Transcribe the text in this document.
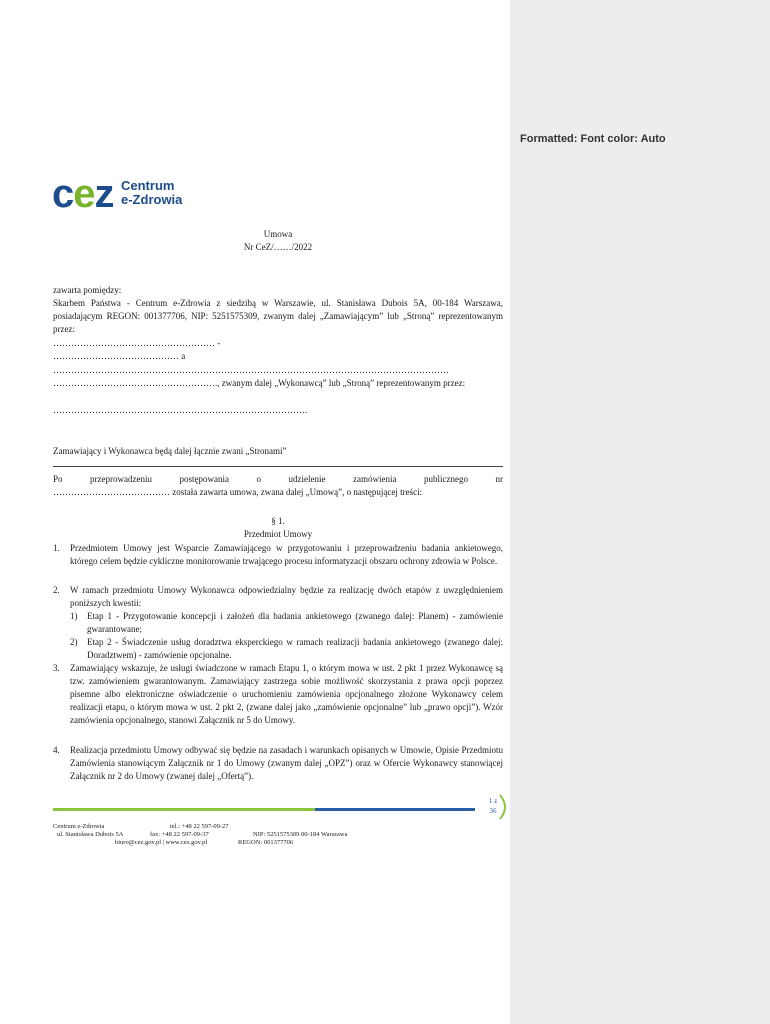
cez Centrum
e-Zdrowia
Umowa
Nr CeZ/……/2022
zawarta pomiędzy:
Skarbem Państwa - Centrum e-Zdrowia z siedzibą w Warszawie, ul. Stanisława Dubois 5A, 00-184 Warszawa, posiadającym REGON: 001377706, NIP: 5251575309, zwanym dalej „Zamawiającym” lub „Stroną” reprezentowanym przez:
……………………………………………… -
…………………………………… a
……………………………………………………………………………………………………………………
………………………………………………., zwanym dalej „Wykonawcą” lub „Stroną” reprezentowanym przez:
………………………………………………………………………….
Zamawiający i Wykonawca będą dalej łącznie zwani „Stronami”
Po przeprowadzeniu postępowania o udzielenie zamówienia publicznego nr
………………………………… została zawarta umowa, zwana dalej „Umową”, o następującej treści:
§ 1.
Przedmiot Umowy
1. Przedmiotem Umowy jest Wsparcie Zamawiającego w przygotowaniu i przeprowadzeniu badania ankietowego, którego celem będzie cykliczne monitorowanie trwającego procesu informatyzacji obszaru ochrony zdrowia w Polsce.
2. W ramach przedmiotu Umowy Wykonawca odpowiedzialny będzie za realizację dwóch etapów z uwzględnieniem poniższych kwestii:
1) Etap 1 - Przygotowanie koncepcji i założeń dla badania ankietowego (zwanego dalej: Planem) - zamówienie gwarantowane;
2) Etap 2 - Świadczenie usług doradztwa eksperckiego w ramach realizacji badania ankietowego (zwanego dalej: Doradztwem) - zamówienie opcjonalne.
3. Zamawiający wskazuje, że usługi świadczone w ramach Etapu 1, o którym mowa w ust. 2 pkt 1 przez Wykonawcę są tzw. zamówieniem gwarantowanym. Zamawiający zastrzega sobie możliwość skorzystania z prawa opcji poprzez pisemne albo elektroniczne oświadczenie o uruchomieniu zamówienia opcjonalnego złożone Wykonawcy celem realizacji etapu, o którym mowa w ust. 2 pkt 2, (zwane dalej jako „zamówienie opcjonalne” lub „prawo opcji”). Wzór zamówienia opcjonalnego, stanowi Załącznik nr 5 do Umowy.
4. Realizacja przedmiotu Umowy odbywać się będzie na zasadach i warunkach opisanych w Umowie, Opisie Przedmiotu Zamówienia stanowiącym Załącznik nr 1 do Umowy (zwanym dalej „OPZ”) oraz w Ofercie Wykonawcy stanowiącej Załącznik nr 2 do Umowy (zwanej dalej „Ofertą”).
1 z
36
Centrum e-Zdrowia
ul. Stanisława Dubois 5A
tel.: +48 22 597-09-27
fax: +48 22 597-09-37
biuro@cez.gov.pl | www.cez.gov.pl
NIP: 5251575309 00-184 Warszawa
REGON: 001377706
Formatted: Font color: Auto
